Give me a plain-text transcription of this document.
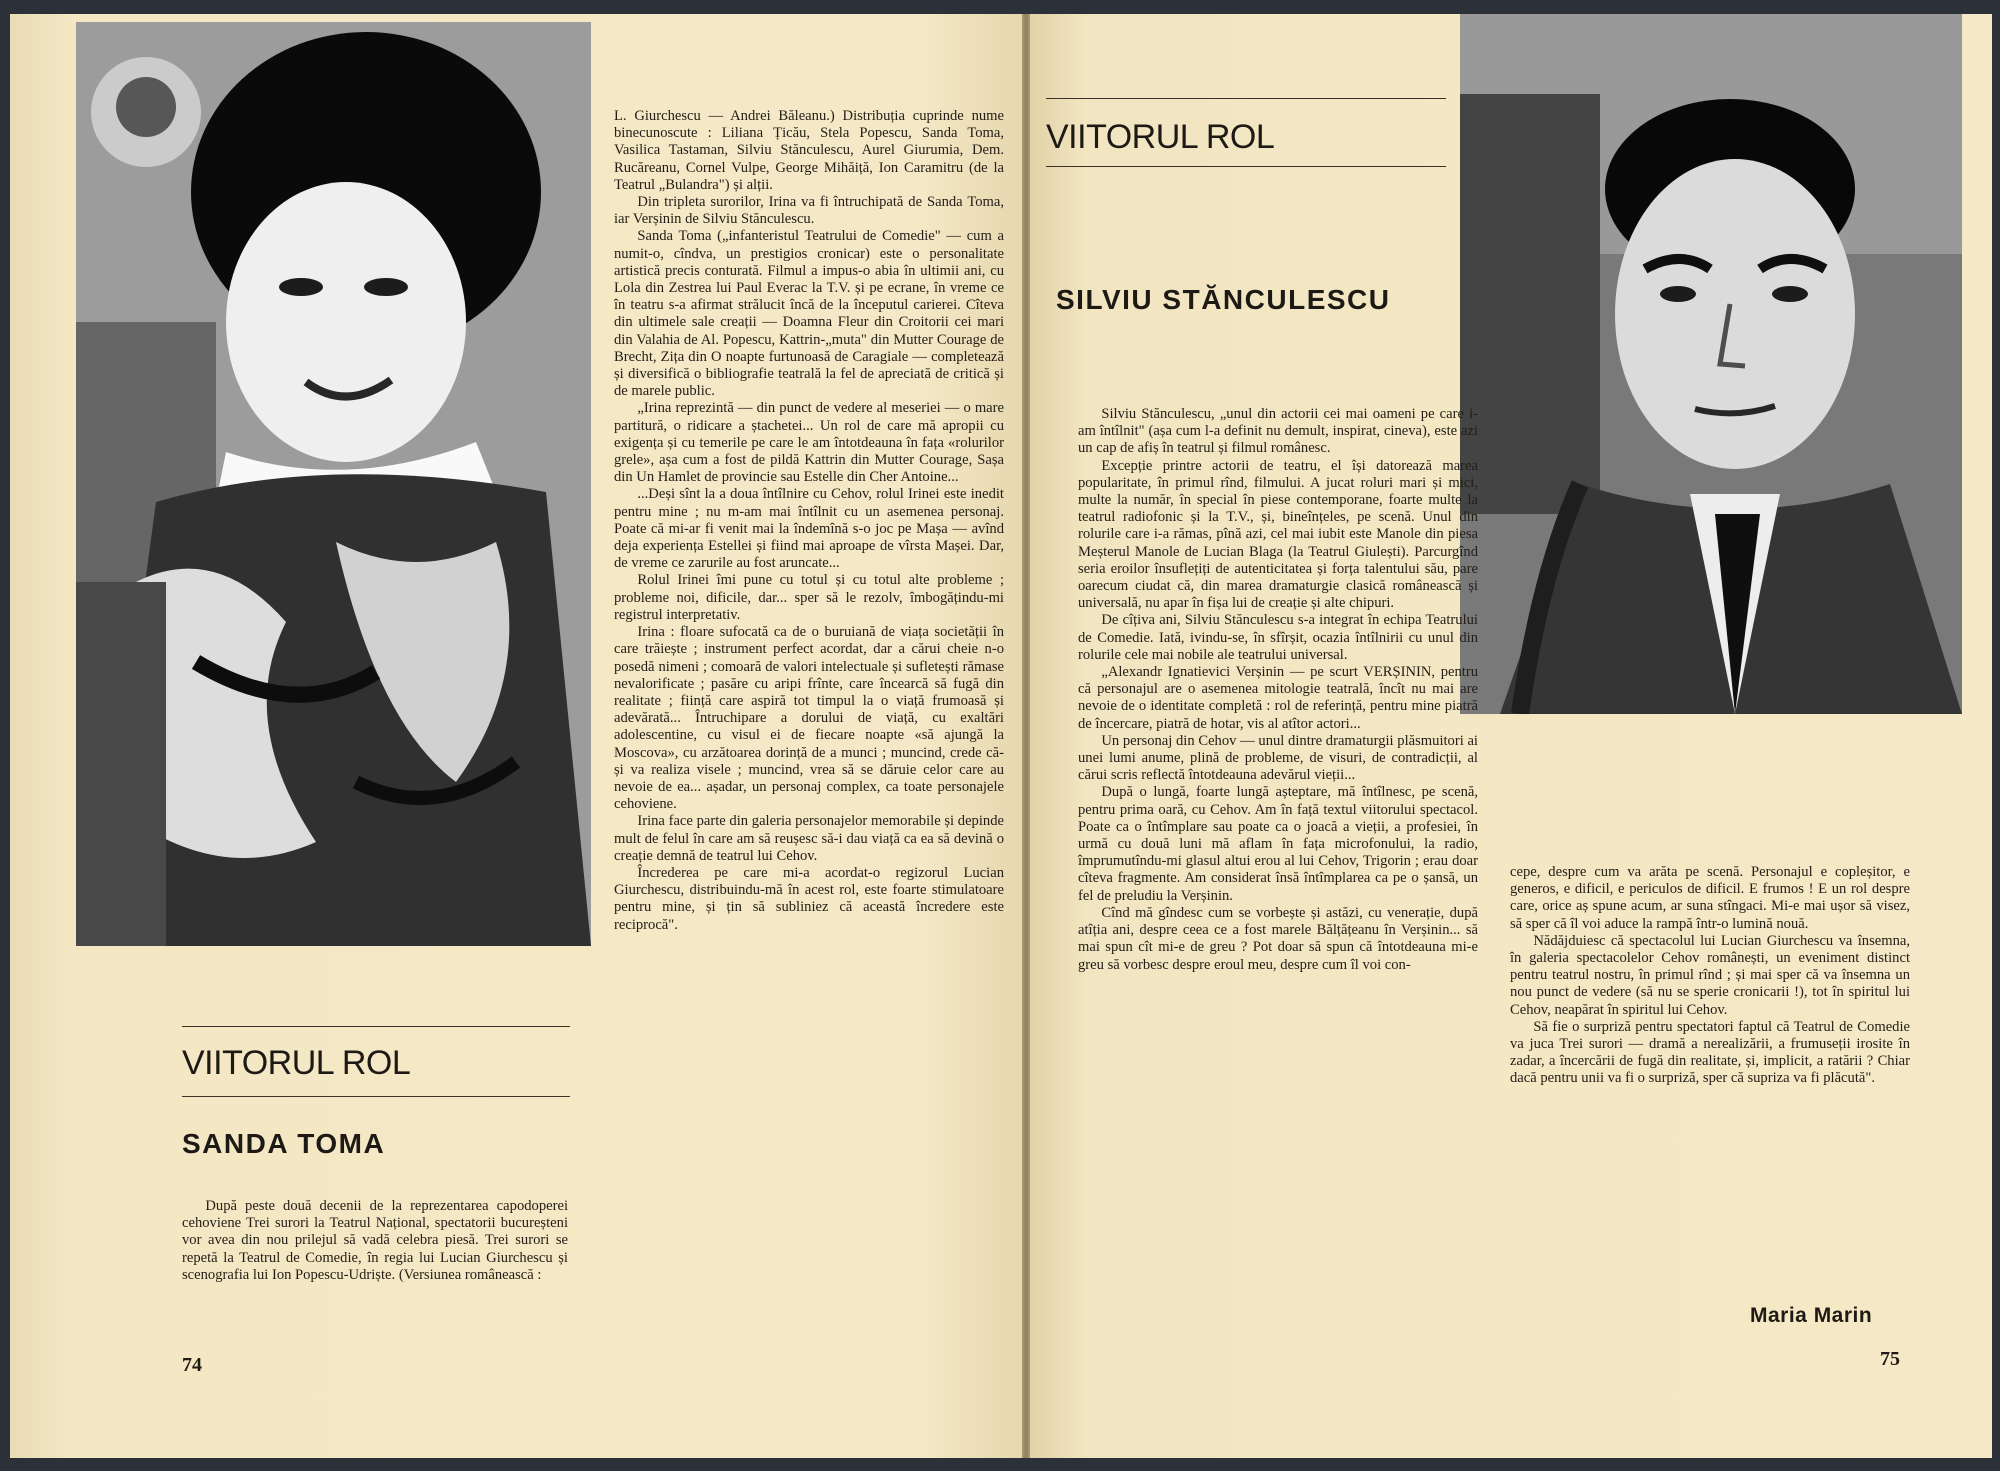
VIITORUL ROL
SANDA TOMA

După peste două decenii de la reprezentarea capodoperei cehoviene Trei surori la Teatrul Național, spectatorii bucureșteni vor avea din nou prilejul să vadă celebra piesă. Trei surori se repetă la Teatrul de Comedie, în regia lui Lucian Giurchescu și scenografia lui Ion Popescu-Udriște. (Versiunea românească :

L. Giurchescu — Andrei Băleanu.) Distribuția cuprinde nume binecunoscute : Liliana Țicău, Stela Popescu, Sanda Toma, Vasilica Tastaman, Silviu Stănculescu, Aurel Giurumia, Dem. Rucăreanu, Cornel Vulpe, George Mihăiță, Ion Caramitru (de la Teatrul „Bulandra") și alții.

Din tripleta surorilor, Irina va fi întruchipată de Sanda Toma, iar Verșinin de Silviu Stănculescu.

Sanda Toma („infanteristul Teatrului de Comedie" — cum a numit-o, cîndva, un prestigios cronicar) este o personalitate artistică precis conturată. Filmul a impus-o abia în ultimii ani, cu Lola din Zestrea lui Paul Everac la T.V. și pe ecrane, în vreme ce în teatru s-a afirmat strălucit încă de la începutul carierei. Cîteva din ultimele sale creații — Doamna Fleur din Croitorii cei mari din Valahia de Al. Popescu, Kattrin-„muta" din Mutter Courage de Brecht, Zița din O noapte furtunoasă de Caragiale — completează și diversifică o bibliografie teatrală la fel de apreciată de critică și de marele public.

„Irina reprezintă — din punct de vedere al meseriei — o mare partitură, o ridicare a ștachetei... Un rol de care mă apropii cu exigența și cu temerile pe care le am întotdeauna în fața «rolurilor grele», așa cum a fost de pildă Kattrin din Mutter Courage, Sașa din Un Hamlet de provincie sau Estelle din Cher Antoine...

...Deși sînt la a doua întîlnire cu Cehov, rolul Irinei este inedit pentru mine ; nu m-am mai întîlnit cu un asemenea personaj. Poate că mi-ar fi venit mai la îndemînă s-o joc pe Mașa — avînd deja experiența Estellei și fiind mai aproape de vîrsta Mașei. Dar, de vreme ce zarurile au fost aruncate...

Rolul Irinei îmi pune cu totul și cu totul alte probleme ; probleme noi, dificile, dar... sper să le rezolv, îmbogățindu-mi registrul interpretativ.

Irina : floare sufocată ca de o buruiană de viața societății în care trăiește ; instrument perfect acordat, dar a cărui cheie n-o posedă nimeni ; comoară de valori intelectuale și sufletești rămase nevalorificate ; pasăre cu aripi frînte, care încearcă să fugă din realitate ; ființă care aspiră tot timpul la o viață frumoasă și adevărată... Întruchipare a dorului de viață, cu exaltări adolescentine, cu visul ei de fiecare noapte «să ajungă la Moscova», cu arzătoarea dorință de a munci ; muncind, crede că-și va realiza visele ; muncind, vrea să se dăruie celor care au nevoie de ea... așadar, un personaj complex, ca toate personajele cehoviene.

Irina face parte din galeria personajelor memorabile și depinde mult de felul în care am să reușesc să-i dau viață ca ea să devină o creație demnă de teatrul lui Cehov.

Încrederea pe care mi-a acordat-o regizorul Lucian Giurchescu, distribuindu-mă în acest rol, este foarte stimulatoare pentru mine, și țin să subliniez că această încredere este reciprocă".

74
VIITORUL ROL
SILVIU STĂNCULESCU

Silviu Stănculescu, „unul din actorii cei mai oameni pe care i-am întîlnit" (așa cum l-a definit nu demult, inspirat, cineva), este azi un cap de afiș în teatrul și filmul românesc.

Excepție printre actorii de teatru, el își datorează marea popularitate, în primul rînd, filmului. A jucat roluri mari și mici, multe la număr, în special în piese contemporane, foarte multe la teatrul radiofonic și la T.V., și, bineînțeles, pe scenă. Unul din rolurile care i-a rămas, pînă azi, cel mai iubit este Manole din piesa Meșterul Manole de Lucian Blaga (la Teatrul Giulești). Parcurgînd seria eroilor însuflețiți de autenticitatea și forța talentului său, pare oarecum ciudat că, din marea dramaturgie clasică românească și universală, nu apar în fișa lui de creație și alte chipuri.

De cîțiva ani, Silviu Stănculescu s-a integrat în echipa Teatrului de Comedie. Iată, ivindu-se, în sfîrșit, ocazia întîlnirii cu unul din rolurile cele mai nobile ale teatrului universal.

„Alexandr Ignatievici Verșinin — pe scurt VERȘININ, pentru că personajul are o asemenea mitologie teatrală, încît nu mai are nevoie de o identitate completă : rol de referință, pentru mine piatră de încercare, piatră de hotar, vis al atîtor actori...

Un personaj din Cehov — unul dintre dramaturgii plăsmuitori ai unei lumi anume, plină de probleme, de visuri, de contradicții, al cărui scris reflectă întotdeauna adevărul vieții...

După o lungă, foarte lungă așteptare, mă întîlnesc, pe scenă, pentru prima oară, cu Cehov. Am în față textul viitorului spectacol. Poate ca o întîmplare sau poate ca o joacă a vieții, a profesiei, în urmă cu două luni mă aflam în fața microfonului, la radio, împrumutîndu-mi glasul altui erou al lui Cehov, Trigorin ; erau doar cîteva fragmente. Am considerat însă întîmplarea ca pe o șansă, un fel de preludiu la Verșinin.

Cînd mă gîndesc cum se vorbește și astăzi, cu venerație, după atîția ani, despre ceea ce a fost marele Bălțățeanu în Verșinin... să mai spun cît mi-e de greu ? Pot doar să spun că întotdeauna mi-e greu să vorbesc despre eroul meu, despre cum îl voi con-

cepe, despre cum va arăta pe scenă. Personajul e copleșitor, e generos, e dificil, e periculos de dificil. E frumos ! E un rol despre care, orice aș spune acum, ar suna stîngaci. Mi-e mai ușor să visez, să sper că îl voi aduce la rampă într-o lumină nouă.

Nădăjduiesc că spectacolul lui Lucian Giurchescu va însemna, în galeria spectacolelor Cehov românești, un eveniment distinct pentru teatrul nostru, în primul rînd ; și mai sper că va însemna un nou punct de vedere (să nu se sperie cronicarii !), tot în spiritul lui Cehov, neapărat în spiritul lui Cehov.

Să fie o surpriză pentru spectatori faptul că Teatrul de Comedie va juca Trei surori — dramă a nerealizării, a frumuseții irosite în zadar, a încercării de fugă din realitate, și, implicit, a ratării ? Chiar dacă pentru unii va fi o surpriză, sper că supriza va fi plăcută".

Maria Marin
75
